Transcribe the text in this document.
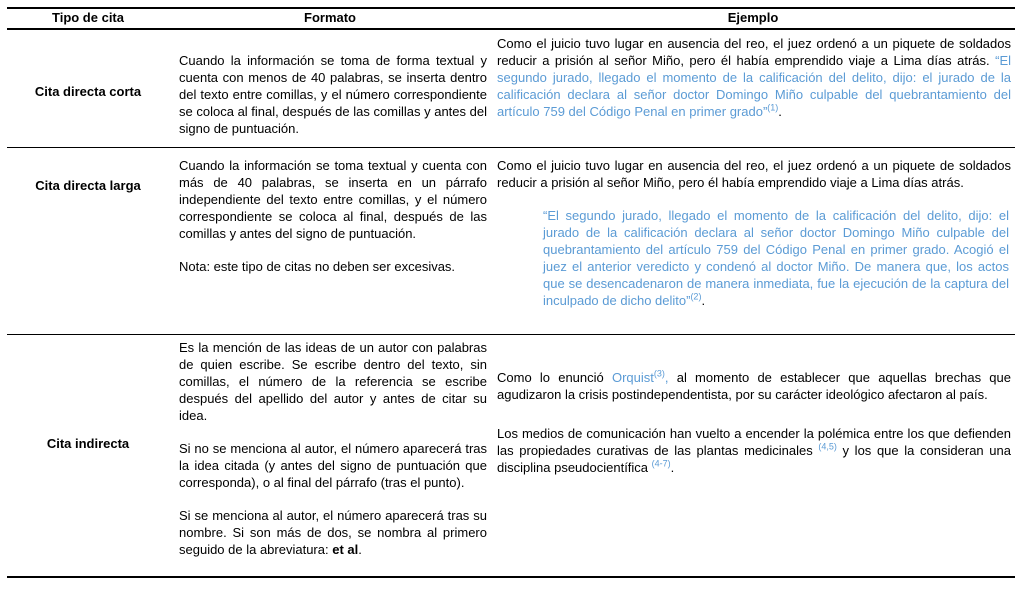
Tipo de cita	Formato	Ejemplo
Cita directa corta

Cuando la información se toma de forma textual y cuenta con menos de 40 palabras, se inserta dentro del texto entre comillas, y el número correspondiente se coloca al final, después de las comillas y antes del signo de puntuación.

Como el juicio tuvo lugar en ausencia del reo, el juez ordenó a un piquete de soldados reducir a prisión al señor Miño, pero él había emprendido viaje a Lima días atrás. “El segundo jurado, llegado el momento de la calificación del delito, dijo: el jurado de la calificación declara al señor doctor Domingo Miño culpable del quebrantamiento del artículo 759 del Código Penal en primer grado”$^{(1)}$.

Cita directa larga

Cuando la información se toma textual y cuenta con más de 40 palabras, se inserta en un párrafo independiente del texto entre comillas, y el número correspondiente se coloca al final, después de las comillas y antes del signo de puntuación.

Nota: este tipo de citas no deben ser excesivas.

Como el juicio tuvo lugar en ausencia del reo, el juez ordenó a un piquete de soldados reducir a prisión al señor Miño, pero él había emprendido viaje a Lima días atrás.

“El segundo jurado, llegado el momento de la calificación del delito, dijo: el jurado de la calificación declara al señor doctor Domingo Miño culpable del quebrantamiento del artículo 759 del Código Penal en primer grado. Acogió el juez el anterior veredicto y condenó al doctor Miño. De manera que, los actos que se desencadenaron de manera inmediata, fue la ejecución de la captura del inculpado de dicho delito”$^{(2)}$.

Cita indirecta

Es la mención de las ideas de un autor con palabras de quien escribe. Se escribe dentro del texto, sin comillas, el número de la referencia se escribe después del apellido del autor y antes de citar su idea.

Si no se menciona al autor, el número aparecerá tras la idea citada (y antes del signo de puntuación que corresponda), o al final del párrafo (tras el punto).

Si se menciona al autor, el número aparecerá tras su nombre. Si son más de dos, se nombra al primero seguido de la abreviatura: et al.

Como lo enunció Orquist$^{(3)}$, al momento de establecer que aquellas brechas que agudizaron la crisis postindependentista, por su carácter ideológico afectaron al país.

Los medios de comunicación han vuelto a encender la polémica entre los que defienden las propiedades curativas de las plantas medicinales $^{(4,5)}$ y los que la consideran una disciplina pseudocientífica $^{(4-7)}$.
